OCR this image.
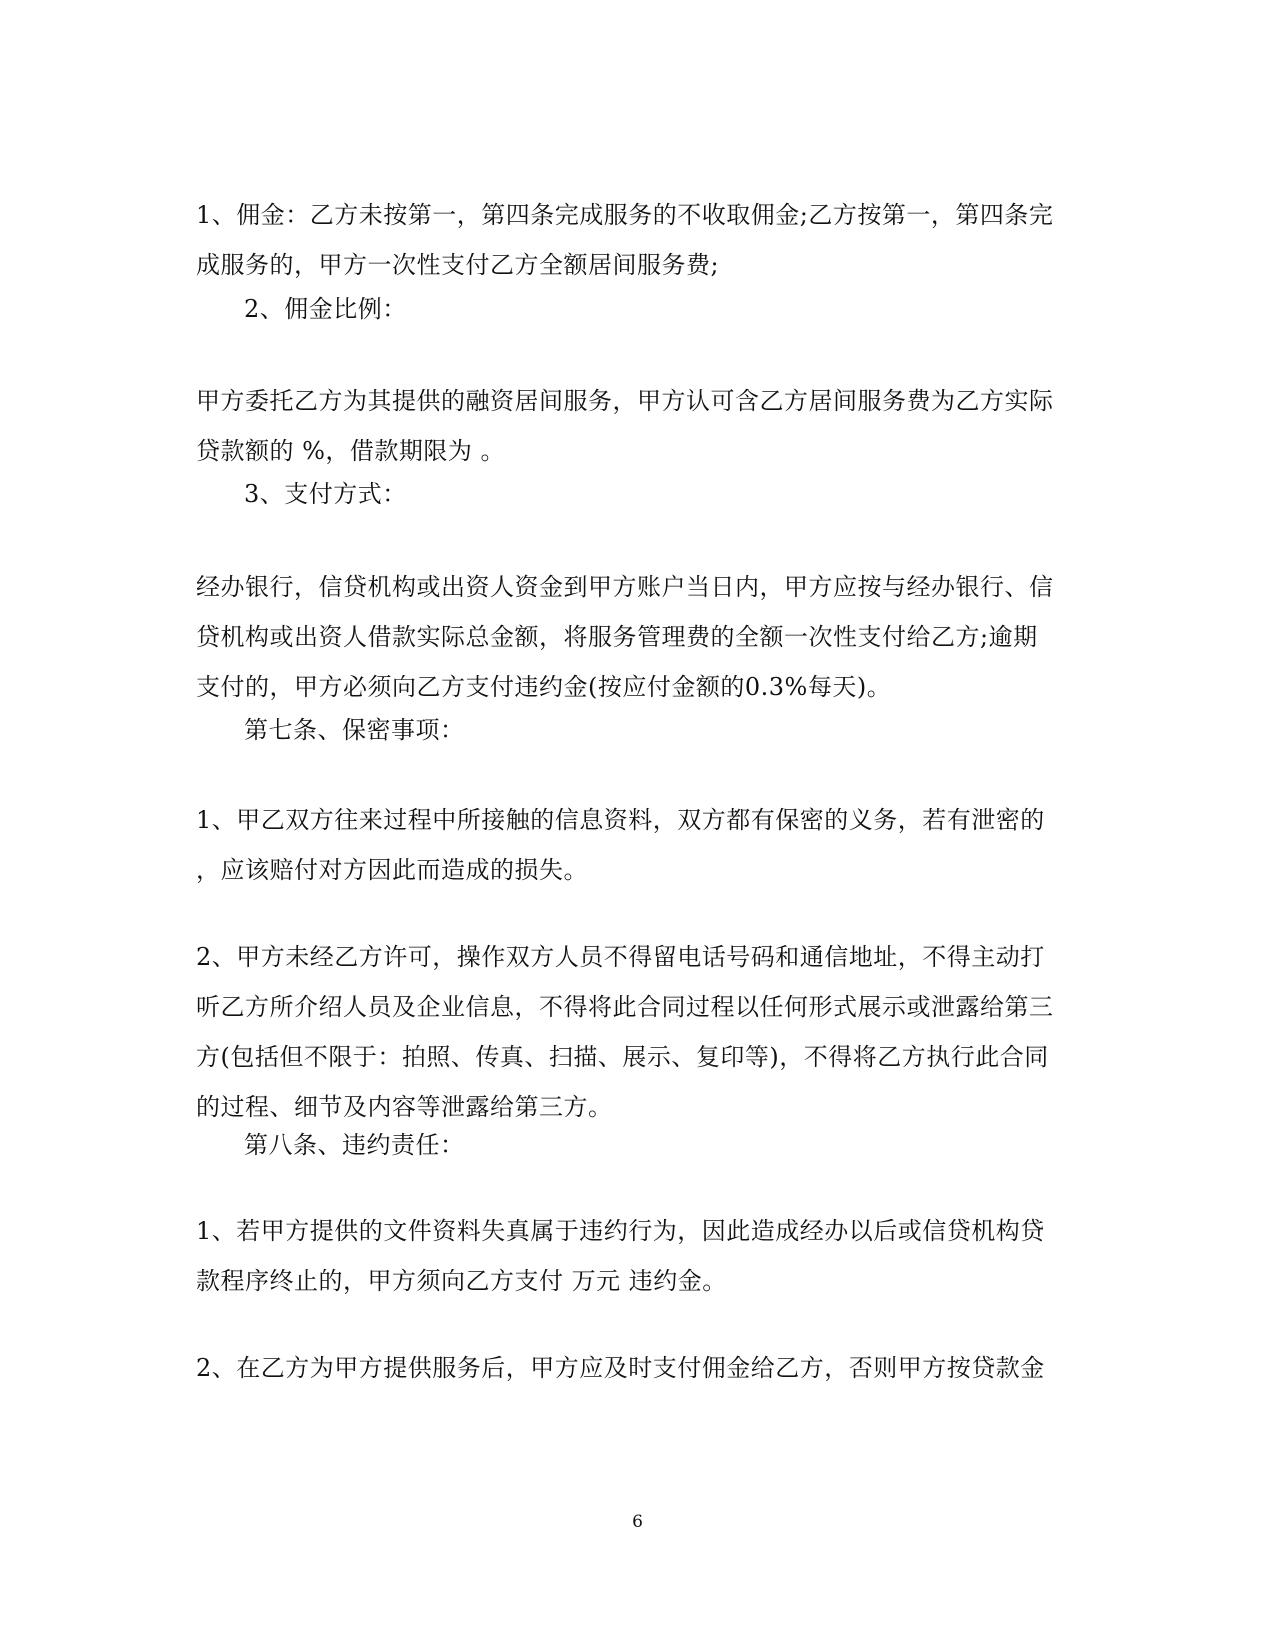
1、佣金：乙方未按第一，第四条完成服务的不收取佣金;乙方按第一，第四条完
成服务的，甲方一次性支付乙方全额居间服务费;

2、佣金比例：

甲方委托乙方为其提供的融资居间服务，甲方认可含乙方居间服务费为乙方实际
贷款额的 %，借款期限为 。

3、支付方式：

经办银行，信贷机构或出资人资金到甲方账户当日内，甲方应按与经办银行、信
贷机构或出资人借款实际总金额，将服务管理费的全额一次性支付给乙方;逾期
支付的，甲方必须向乙方支付违约金(按应付金额的0.3%每天)。

第七条、保密事项：

1、甲乙双方往来过程中所接触的信息资料，双方都有保密的义务，若有泄密的
，应该赔付对方因此而造成的损失。

2、甲方未经乙方许可，操作双方人员不得留电话号码和通信地址，不得主动打
听乙方所介绍人员及企业信息，不得将此合同过程以任何形式展示或泄露给第三
方(包括但不限于：拍照、传真、扫描、展示、复印等)，不得将乙方执行此合同
的过程、细节及内容等泄露给第三方。

第八条、违约责任：

1、若甲方提供的文件资料失真属于违约行为，因此造成经办以后或信贷机构贷
款程序终止的，甲方须向乙方支付 万元 违约金。

2、在乙方为甲方提供服务后，甲方应及时支付佣金给乙方，否则甲方按贷款金

6
